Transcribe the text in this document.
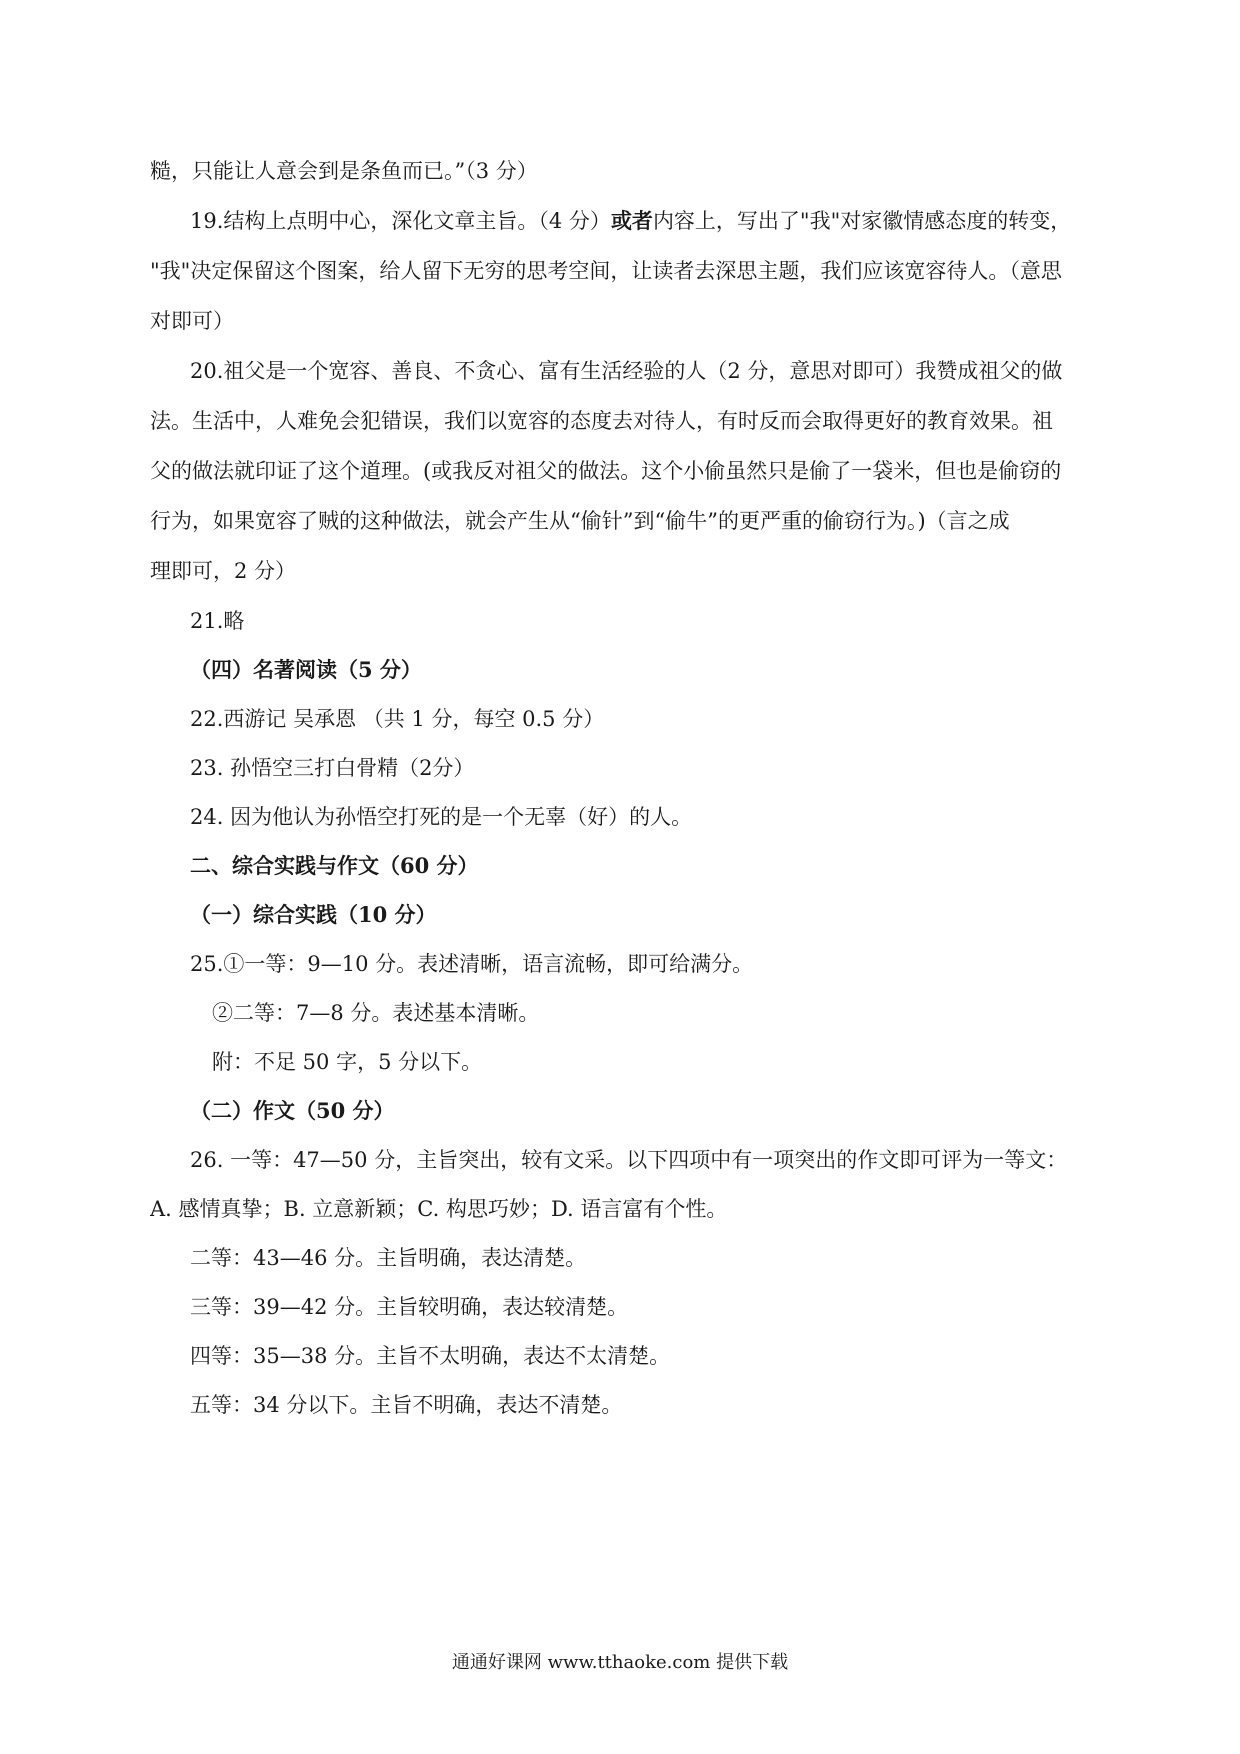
糙，只能让人意会到是条鱼而已。”（3 分）
19.结构上点明中心，深化文章主旨。（4 分）或者内容上，写出了"我"对家徽情感态度的转变，
"我"决定保留这个图案，给人留下无穷的思考空间，让读者去深思主题，我们应该宽容待人。（意思
对即可）
20.祖父是一个宽容、善良、不贪心、富有生活经验的人（2 分，意思对即可）我赞成祖父的做
法。生活中，人难免会犯错误，我们以宽容的态度去对待人，有时反而会取得更好的教育效果。祖
父的做法就印证了这个道理。(或我反对祖父的做法。这个小偷虽然只是偷了一袋米，但也是偷窃的
行为，如果宽容了贼的这种做法，就会产生从“偷针”到“偷牛”的更严重的偷窃行为。)（言之成
理即可，2 分）
21.略
（四）名著阅读（5 分）
22.西游记 吴承恩 （共 1 分，每空 0.5 分）
23. 孙悟空三打白骨精（2分）
24. 因为他认为孙悟空打死的是一个无辜（好）的人。
二、综合实践与作文（60 分）
（一）综合实践（10 分）
25.①一等：9—10 分。表述清晰，语言流畅，即可给满分。
②二等：7—8 分。表述基本清晰。
附：不足 50 字，5 分以下。
（二）作文（50 分）
26. 一等：47—50 分，主旨突出，较有文采。以下四项中有一项突出的作文即可评为一等文：
A. 感情真挚；B. 立意新颖；C. 构思巧妙；D. 语言富有个性。
二等：43—46 分。主旨明确，表达清楚。
三等：39—42 分。主旨较明确，表达较清楚。
四等：35—38 分。主旨不太明确，表达不太清楚。
五等：34 分以下。主旨不明确，表达不清楚。
通通好课网 www.tthaoke.com 提供下载
